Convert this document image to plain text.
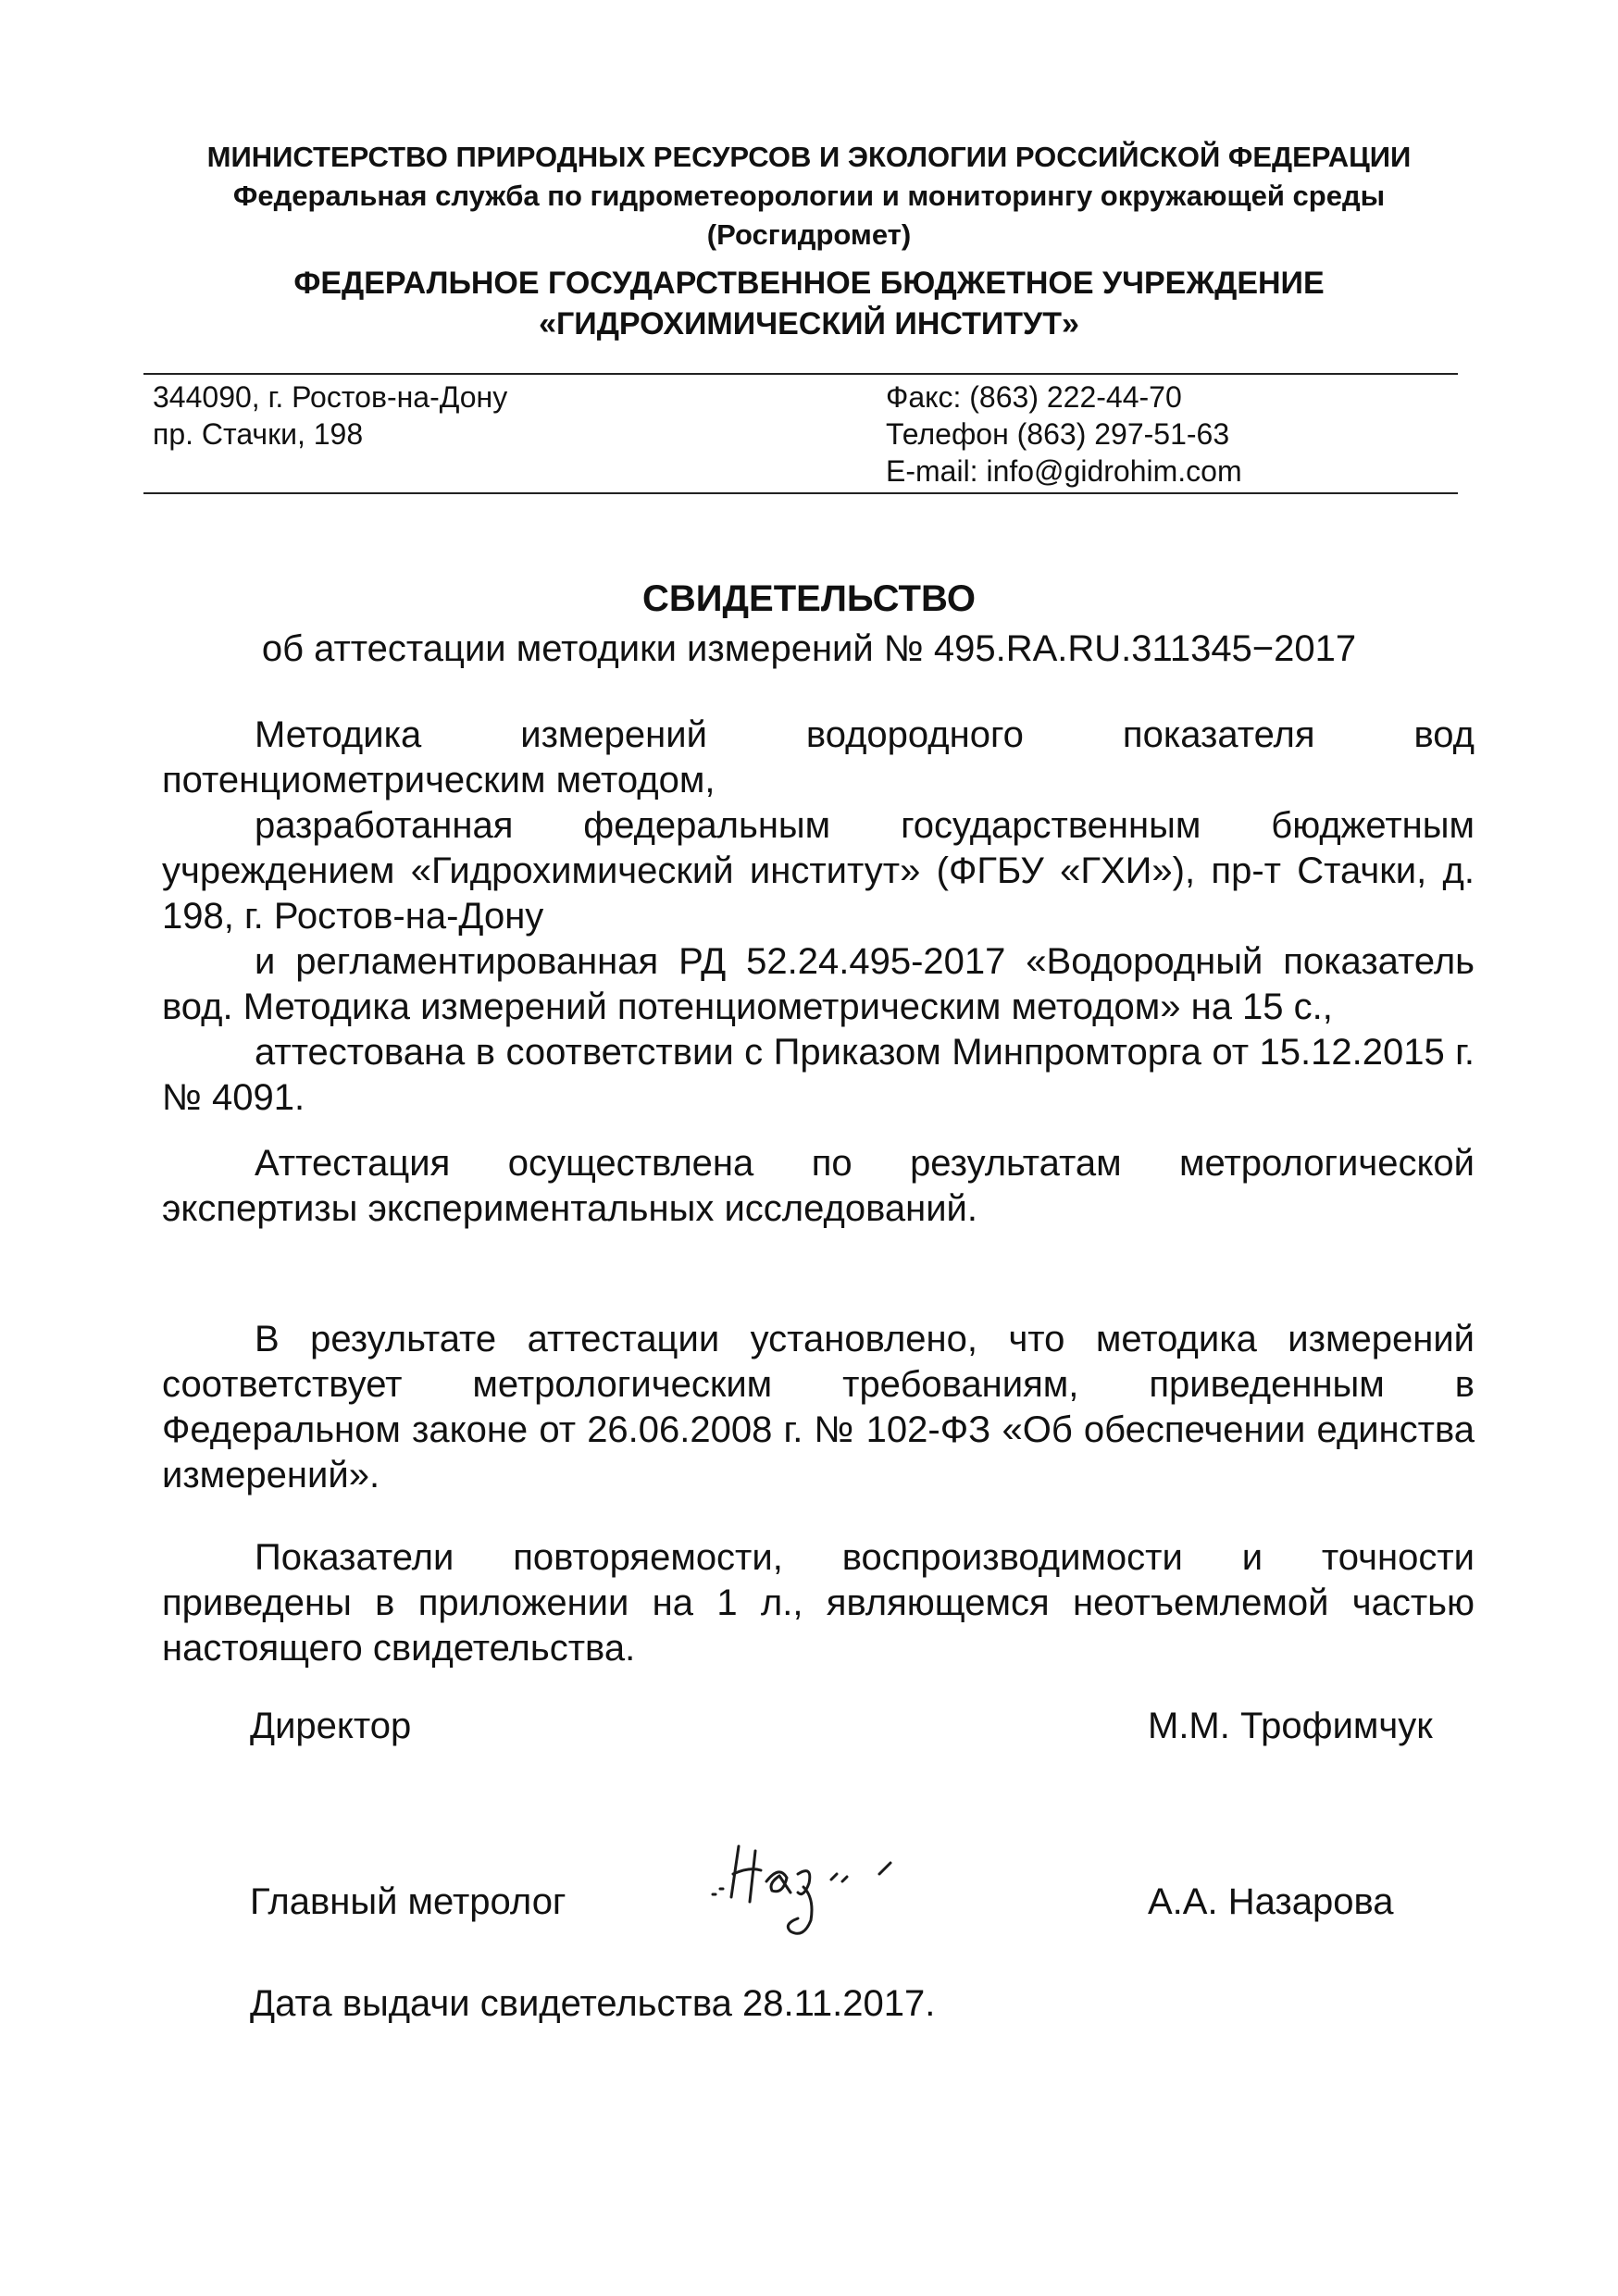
МИНИСТЕРСТВО ПРИРОДНЫХ РЕСУРСОВ И ЭКОЛОГИИ РОССИЙСКОЙ ФЕДЕРАЦИИ
Федеральная служба по гидрометеорологии и мониторингу окружающей среды
(Росгидромет)
ФЕДЕРАЛЬНОЕ ГОСУДАРСТВЕННОЕ БЮДЖЕТНОЕ УЧРЕЖДЕНИЕ
«ГИДРОХИМИЧЕСКИЙ ИНСТИТУТ»
344090, г. Ростов-на-Дону
пр. Стачки, 198
Факс: (863) 222-44-70
Телефон (863) 297-51-63
E-mail: info@gidrohim.com
СВИДЕТЕЛЬСТВО
об аттестации методики измерений № 495.RA.RU.311345−2017

Методика измерений водородного показателя вод потенциометрическим методом,

разработанная федеральным государственным бюджетным учреждением «Гидрохимический институт» (ФГБУ «ГХИ»), пр-т Стачки, д. 198, г. Ростов-на-Дону

и регламентированная РД 52.24.495-2017 «Водородный показатель вод. Методика измерений потенциометрическим методом» на 15 с.,

аттестована в соответствии с Приказом Минпромторга от 15.12.2015 г. № 4091.

Аттестация осуществлена по результатам метрологической экспертизы экспериментальных исследований.

В результате аттестации установлено, что методика измерений соответствует метрологическим требованиям, приведенным в Федеральном законе от 26.06.2008 г. № 102-ФЗ «Об обеспечении единства измерений».

Показатели повторяемости, воспроизводимости и точности приведены в приложении на 1 л., являющемся неотъемлемой частью настоящего свидетельства.

Директор	М.М. Трофимчук
Главный метролог	А.А. Назарова
Дата выдачи свидетельства 28.11.2017.
